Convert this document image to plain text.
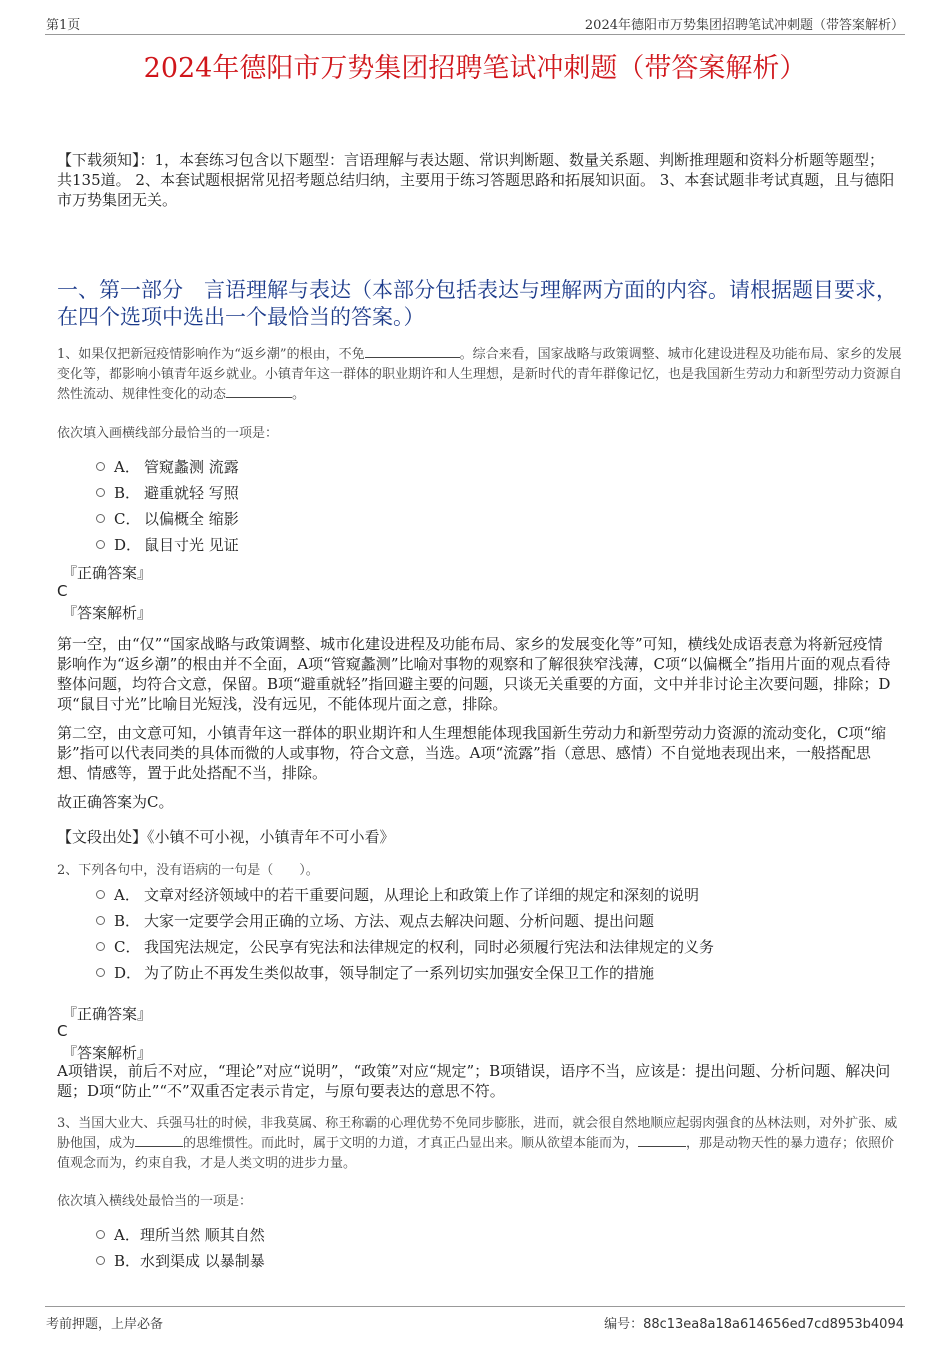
第1页	2024年德阳市万势集团招聘笔试冲刺题（带答案解析）
2024年德阳市万势集团招聘笔试冲刺题（带答案解析）
【下载须知】：1，本套练习包含以下题型：言语理解与表达题、常识判断题、数量关系题、判断推理题和资料分析题等题型；共135道。 2、本套试题根据常见招考题总结归纳，主要用于练习答题思路和拓展知识面。 3、本套试题非考试真题，且与德阳市万势集团无关。
一、第一部分　言语理解与表达（本部分包括表达与理解两方面的内容。请根据题目要求，在四个选项中选出一个最恰当的答案。）
1、如果仅把新冠疫情影响作为“返乡潮”的根由，不免	。综合来看，国家战略与政策调整、城市化建设进程及功能布局、家乡的发展变化等，都影响小镇青年返乡就业。小镇青年这一群体的职业期许和人生理想，是新时代的青年群像记忆，也是我国新生劳动力和新型劳动力资源自然性流动、规律性变化的动态	。
依次填入画横线部分最恰当的一项是：
A． 管窥蠡测 流露
B． 避重就轻 写照
C． 以偏概全 缩影
D． 鼠目寸光 见证
『正确答案』
C
『答案解析』
第一空，由“仅”“国家战略与政策调整、城市化建设进程及功能布局、家乡的发展变化等”可知，横线处成语表意为将新冠疫情影响作为“返乡潮”的根由并不全面，A项“管窥蠡测”比喻对事物的观察和了解很狭窄浅薄，C项“以偏概全”指用片面的观点看待整体问题，均符合文意，保留。B项“避重就轻”指回避主要的问题，只谈无关重要的方面，文中并非讨论主次要问题，排除；D项“鼠目寸光”比喻目光短浅，没有远见，不能体现片面之意，排除。
第二空，由文意可知，小镇青年这一群体的职业期许和人生理想能体现我国新生劳动力和新型劳动力资源的流动变化，C项“缩影”指可以代表同类的具体而微的人或事物，符合文意，当选。A项“流露”指（意思、感情）不自觉地表现出来，一般搭配思想、情感等，置于此处搭配不当，排除。
故正确答案为C。
【文段出处】《小镇不可小视，小镇青年不可小看》
2、下列各句中，没有语病的一句是（　　）。
A． 文章对经济领域中的若干重要问题，从理论上和政策上作了详细的规定和深刻的说明
B． 大家一定要学会用正确的立场、方法、观点去解决问题、分析问题、提出问题
C． 我国宪法规定，公民享有宪法和法律规定的权利，同时必须履行宪法和法律规定的义务
D． 为了防止不再发生类似故事，领导制定了一系列切实加强安全保卫工作的措施
『正确答案』
C
『答案解析』
A项错误，前后不对应，“理论”对应“说明”，“政策”对应“规定”；B项错误，语序不当，应该是：提出问题、分析问题、解决问题；D项“防止”“不”双重否定表示肯定，与原句要表达的意思不符。
3、当国大业大、兵强马壮的时候，非我莫属、称王称霸的心理优势不免同步膨胀，进而，就会很自然地顺应起弱肉强食的丛林法则，对外扩张、威胁他国，成为	的思维惯性。而此时，属于文明的力道，才真正凸显出来。顺从欲望本能而为，	，那是动物天性的暴力遗存；依照价值观念而为，约束自我，才是人类文明的进步力量。
依次填入横线处最恰当的一项是：
A． 理所当然 顺其自然
B． 水到渠成 以暴制暴
考前押题，上岸必备	编号：88c13ea8a18a614656ed7cd8953b4094
